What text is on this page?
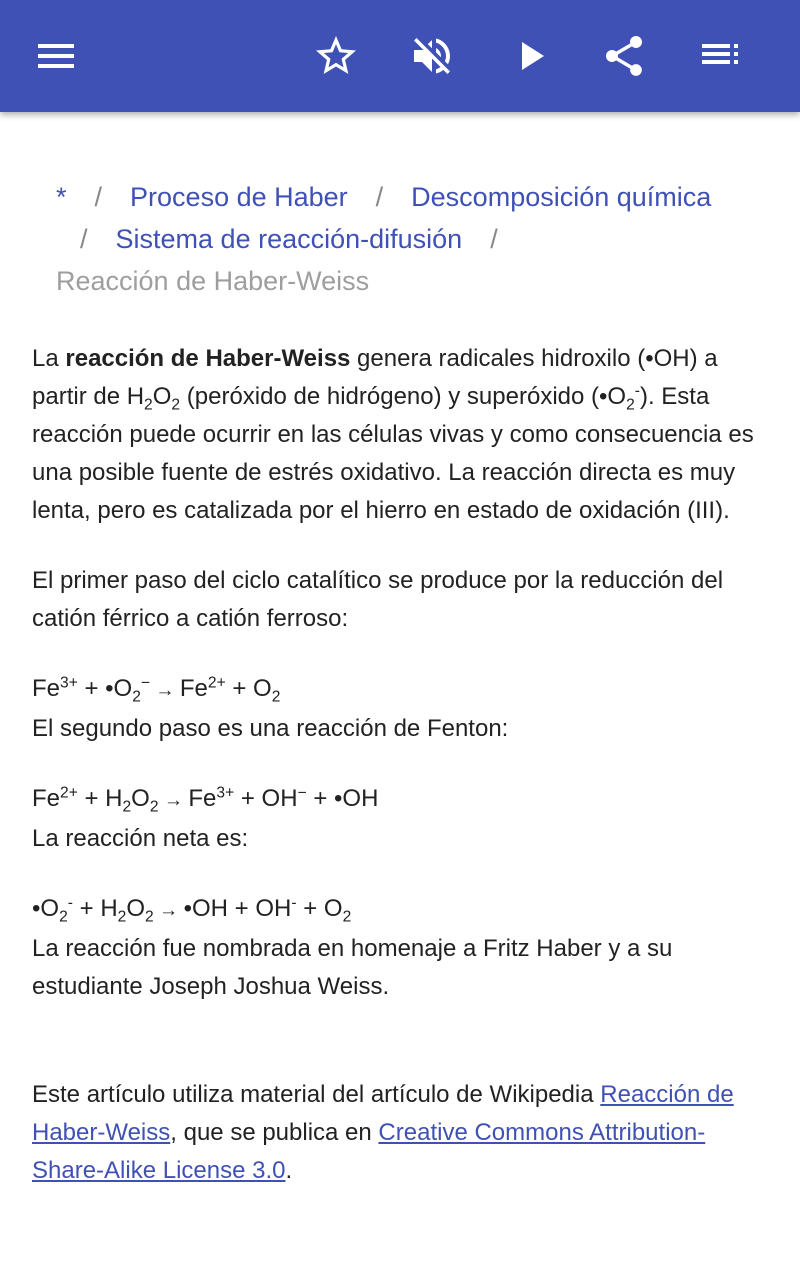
* / Proceso de Haber / Descomposición química
/ Sistema de reacción-difusión /
Reacción de Haber-Weiss

La reacción de Haber-Weiss genera radicales hidroxilo (•OH) a partir de $H_2O_2$ (peróxido de hidrógeno) y superóxido $(•O_2^-)$. Esta reacción puede ocurrir en las células vivas y como consecuencia es una posible fuente de estrés oxidativo. La reacción directa es muy lenta, pero es catalizada por el hierro en estado de oxidación (III).

El primer paso del ciclo catalítico se produce por la reducción del catión férrico a catión ferroso:

$Fe^{3+}$ + $•O_2^- \to Fe^{2+} + O_2$

El segundo paso es una reacción de Fenton:

$Fe^{2+} + H_2O_2 \to Fe^{3+} + OH^-$ + •OH

La reacción neta es:

$•O_2^- + H_2O_2$ → •OH + $OH^- + O_2$

La reacción fue nombrada en homenaje a Fritz Haber y a su estudiante Joseph Joshua Weiss.

Este artículo utiliza material del artículo de Wikipedia Reacción de Haber-Weiss, que se publica en Creative Commons Attribution-Share-Alike License 3.0.
